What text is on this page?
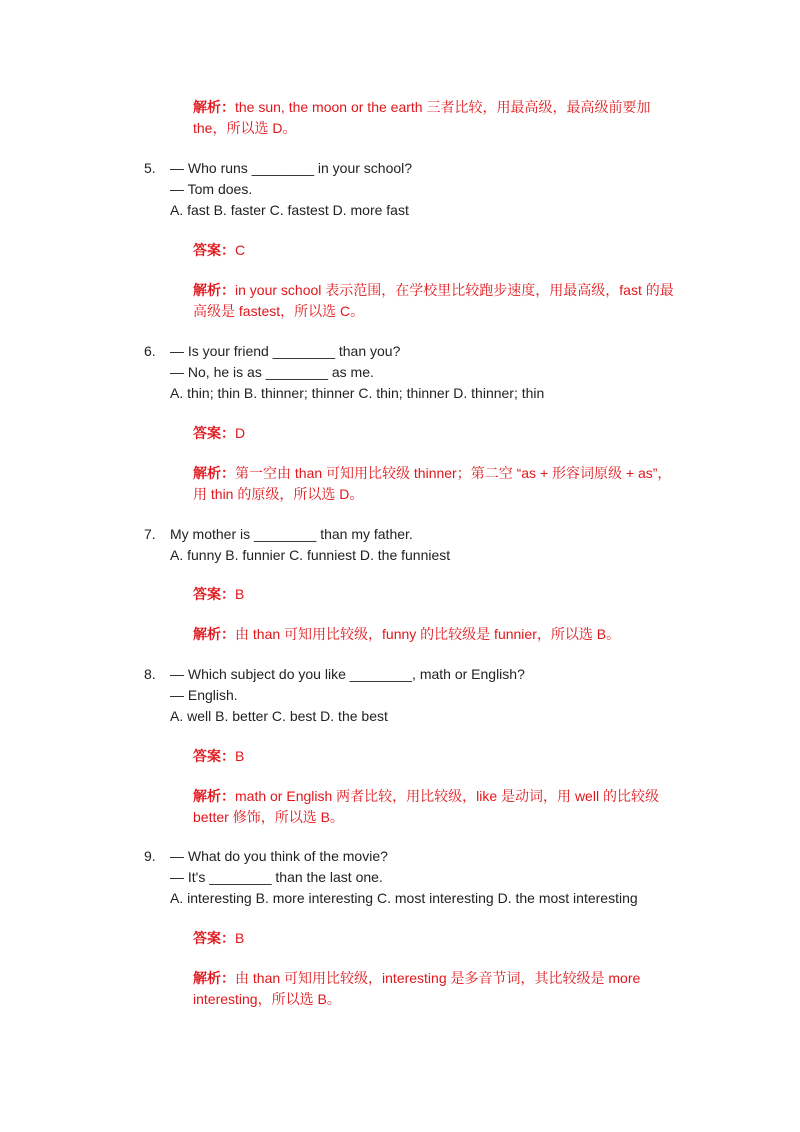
解析：the sun, the moon or the earth 三者比较，用最高级，最高级前要加 the，所以选 D。
5.	— Who runs ________ in your school?
— Tom does.
A. fast B. faster C. fastest D. more fast
答案：C
解析：in your school 表示范围，在学校里比较跑步速度，用最高级，fast 的最高级是 fastest，所以选 C。
6.	— Is your friend ________ than you?
— No, he is as ________ as me.
A. thin; thin B. thinner; thinner C. thin; thinner D. thinner; thin
答案：D
解析：第一空由 than 可知用比较级 thinner；第二空 “as + 形容词原级 + as”，用 thin 的原级，所以选 D。
7.	My mother is ________ than my father.
A. funny B. funnier C. funniest D. the funniest
答案：B
解析：由 than 可知用比较级，funny 的比较级是 funnier，所以选 B。
8.	— Which subject do you like ________, math or English?
— English.
A. well B. better C. best D. the best
答案：B
解析：math or English 两者比较，用比较级，like 是动词，用 well 的比较级 better 修饰，所以选 B。
9.	— What do you think of the movie?
— It's ________ than the last one.
A. interesting B. more interesting C. most interesting D. the most interesting
答案：B
解析：由 than 可知用比较级，interesting 是多音节词，其比较级是 more interesting，所以选 B。
